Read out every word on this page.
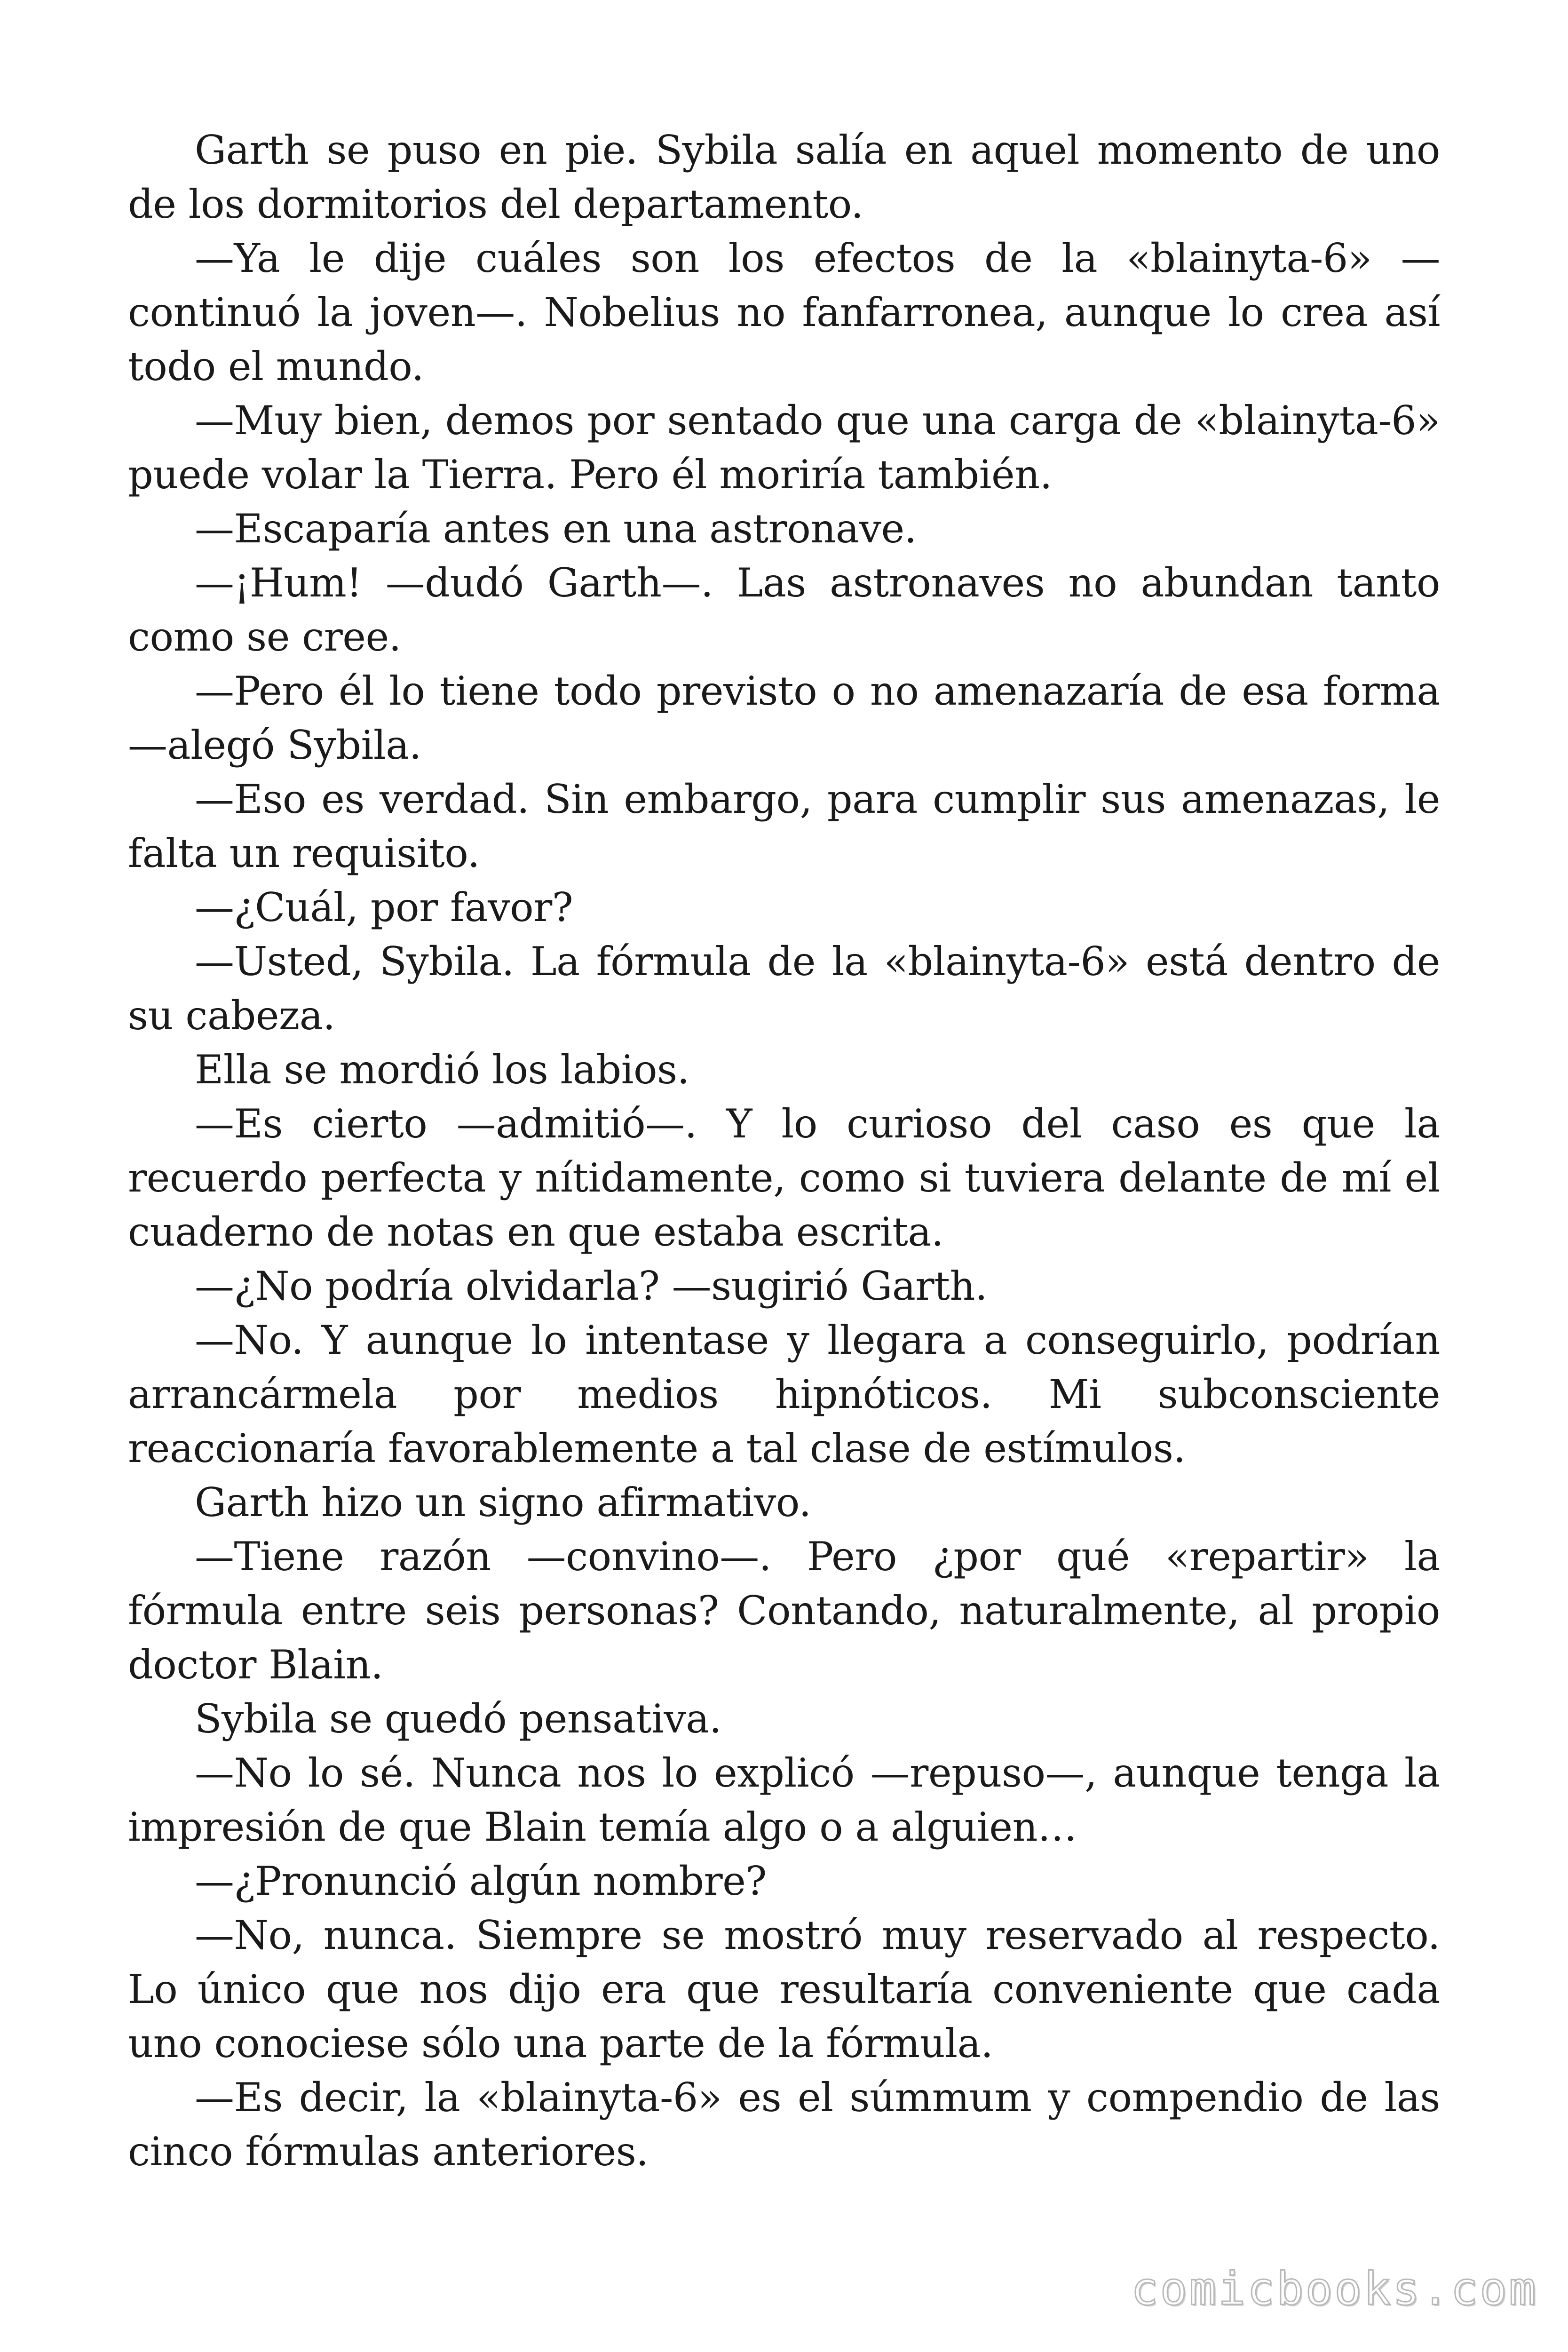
Garth se puso en pie. Sybila salía en aquel momento de uno de los dormitorios del departamento.

—Ya le dije cuáles son los efectos de la «blainyta-6» —continuó la joven—. Nobelius no fanfarronea, aunque lo crea así todo el mundo.

—Muy bien, demos por sentado que una carga de «blainyta-6» puede volar la Tierra. Pero él moriría también.

—Escaparía antes en una astronave.

—¡Hum! —dudó Garth—. Las astronaves no abundan tanto como se cree.

—Pero él lo tiene todo previsto o no amenazaría de esa forma —alegó Sybila.

—Eso es verdad. Sin embargo, para cumplir sus amenazas, le falta un requisito.

—¿Cuál, por favor?

—Usted, Sybila. La fórmula de la «blainyta-6» está dentro de su cabeza.

Ella se mordió los labios.

—Es cierto —admitió—. Y lo curioso del caso es que la recuerdo perfecta y nítidamente, como si tuviera delante de mí el cuaderno de notas en que estaba escrita.

—¿No podría olvidarla? —sugirió Garth.

—No. Y aunque lo intentase y llegara a conseguirlo, podrían arrancármela por medios hipnóticos. Mi subconsciente reaccionaría favorablemente a tal clase de estímulos.

Garth hizo un signo afirmativo.

—Tiene razón —convino—. Pero ¿por qué «repartir» la fórmula entre seis personas? Contando, naturalmente, al propio doctor Blain.

Sybila se quedó pensativa.

—No lo sé. Nunca nos lo explicó —repuso—, aunque tenga la impresión de que Blain temía algo o a alguien…

—¿Pronunció algún nombre?

—No, nunca. Siempre se mostró muy reservado al respecto. Lo único que nos dijo era que resultaría conveniente que cada uno conociese sólo una parte de la fórmula.

—Es decir, la «blainyta-6» es el súmmum y compendio de las cinco fórmulas anteriores.

comicbooks.com
